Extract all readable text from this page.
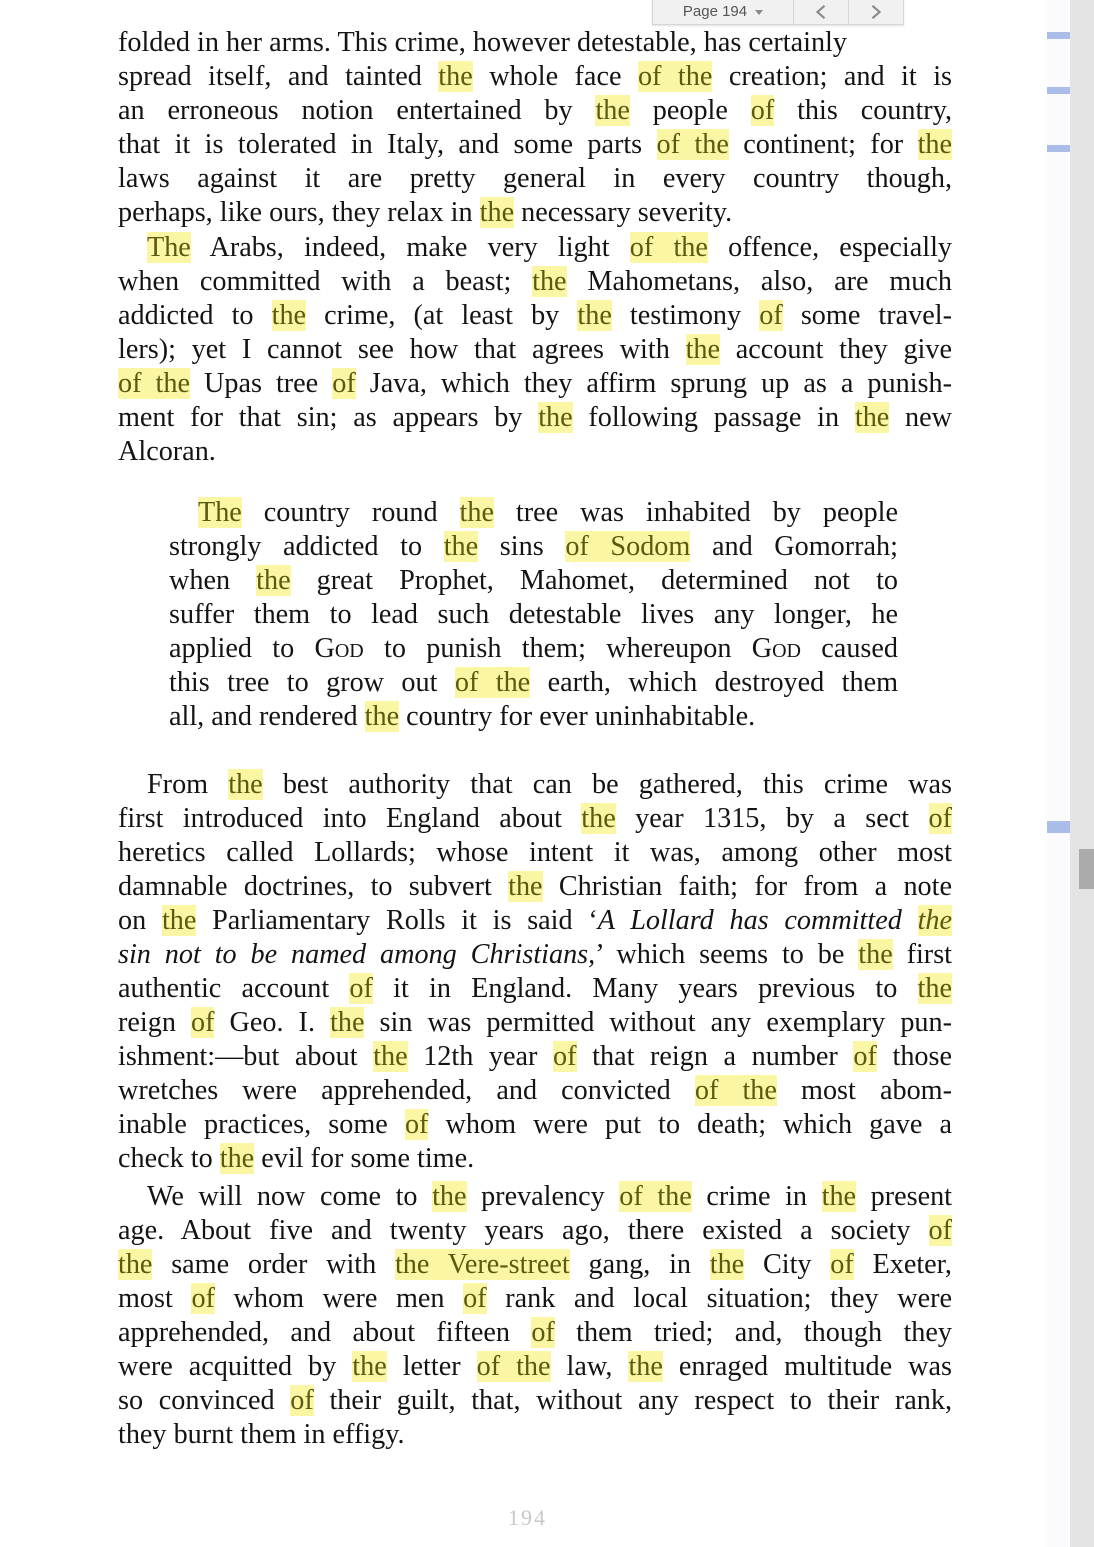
folded in her arms. This crime, however detestable, has certainly
spread itself, and tainted the whole face of the creation; and it is
an erroneous notion entertained by the people of this country,
that it is tolerated in Italy, and some parts of the continent; for the
laws against it are pretty general in every country though,
perhaps, like ours, they relax in the necessary severity.
The Arabs, indeed, make very light of the offence, especially
when committed with a beast; the Mahometans, also, are much
addicted to the crime, (at least by the testimony of some travel-
lers); yet I cannot see how that agrees with the account they give
of the Upas tree of Java, which they affirm sprung up as a punish-
ment for that sin; as appears by the following passage in the new
Alcoran.
The country round the tree was inhabited by people
strongly addicted to the sins of Sodom and Gomorrah;
when the great Prophet, Mahomet, determined not to
suffer them to lead such detestable lives any longer, he
applied to God to punish them; whereupon God caused
this tree to grow out of the earth, which destroyed them
all, and rendered the country for ever uninhabitable.
From the best authority that can be gathered, this crime was
first introduced into England about the year 1315, by a sect of
heretics called Lollards; whose intent it was, among other most
damnable doctrines, to subvert the Christian faith; for from a note
on the Parliamentary Rolls it is said ‘A Lollard has committed the
sin not to be named among Christians,’ which seems to be the first
authentic account of it in England. Many years previous to the
reign of Geo. I. the sin was permitted without any exemplary pun-
ishment:—but about the 12th year of that reign a number of those
wretches were apprehended, and convicted of the most abom-
inable practices, some of whom were put to death; which gave a
check to the evil for some time.
We will now come to the prevalency of the crime in the present
age. About five and twenty years ago, there existed a society of
the same order with the Vere-street gang, in the City of Exeter,
most of whom were men of rank and local situation; they were
apprehended, and about fifteen of them tried; and, though they
were acquitted by the letter of the law, the enraged multitude was
so convinced of their guilt, that, without any respect to their rank,
they burnt them in effigy.
194
Page 194
